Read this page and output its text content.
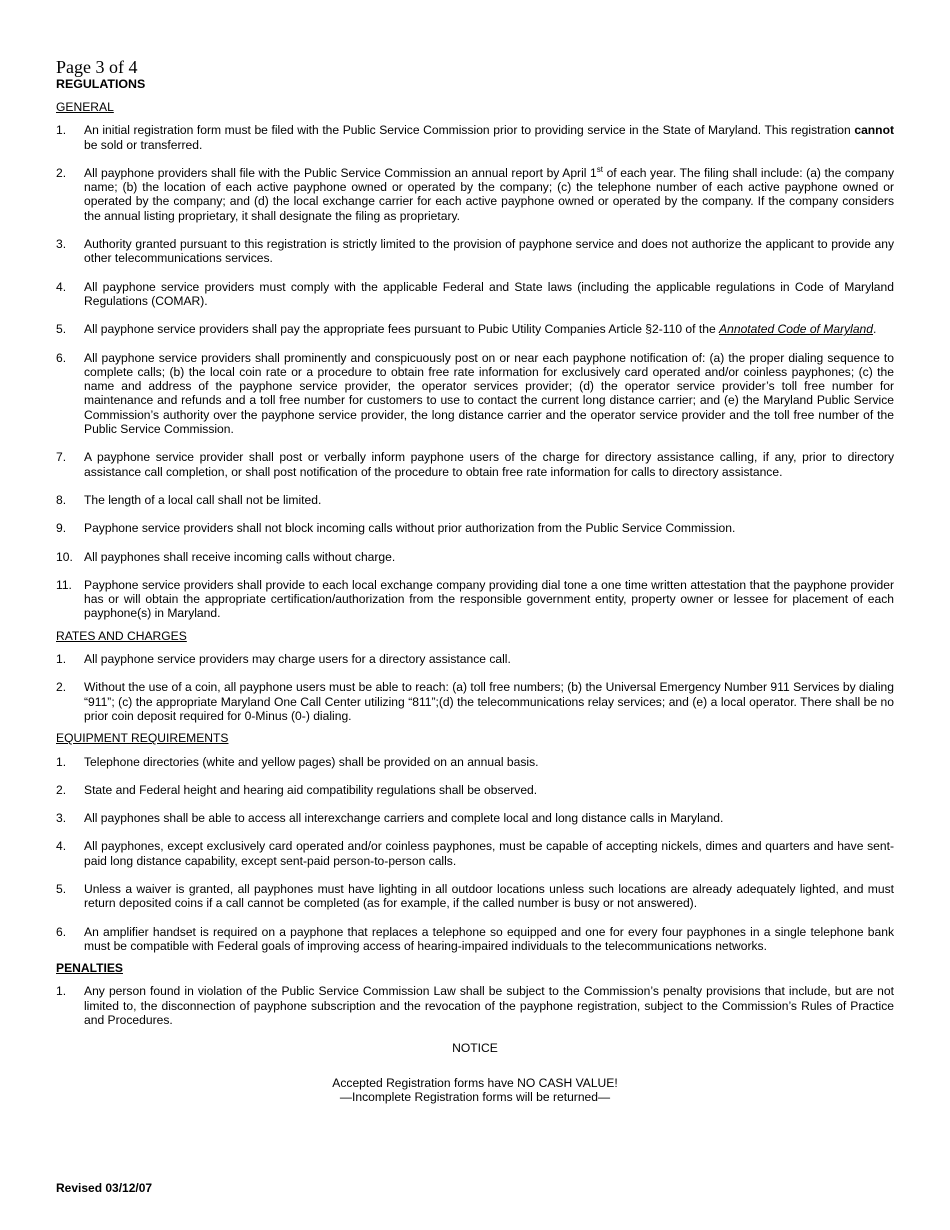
Page 3 of 4
REGULATIONS
GENERAL
1. An initial registration form must be filed with the Public Service Commission prior to providing service in the State of Maryland. This registration cannot be sold or transferred.
2. All payphone providers shall file with the Public Service Commission an annual report by April 1st of each year. The filing shall include: (a) the company name; (b) the location of each active payphone owned or operated by the company; (c) the telephone number of each active payphone owned or operated by the company; and (d) the local exchange carrier for each active payphone owned or operated by the company. If the company considers the annual listing proprietary, it shall designate the filing as proprietary.
3. Authority granted pursuant to this registration is strictly limited to the provision of payphone service and does not authorize the applicant to provide any other telecommunications services.
4. All payphone service providers must comply with the applicable Federal and State laws (including the applicable regulations in Code of Maryland Regulations (COMAR).
5. All payphone service providers shall pay the appropriate fees pursuant to Pubic Utility Companies Article §2-110 of the Annotated Code of Maryland.
6. All payphone service providers shall prominently and conspicuously post on or near each payphone notification of: (a) the proper dialing sequence to complete calls; (b) the local coin rate or a procedure to obtain free rate information for exclusively card operated and/or coinless payphones; (c) the name and address of the payphone service provider, the operator services provider; (d) the operator service provider’s toll free number for maintenance and refunds and a toll free number for customers to use to contact the current long distance carrier; and (e) the Maryland Public Service Commission’s authority over the payphone service provider, the long distance carrier and the operator service provider and the toll free number of the Public Service Commission.
7. A payphone service provider shall post or verbally inform payphone users of the charge for directory assistance calling, if any, prior to directory assistance call completion, or shall post notification of the procedure to obtain free rate information for calls to directory assistance.
8. The length of a local call shall not be limited.
9. Payphone service providers shall not block incoming calls without prior authorization from the Public Service Commission.
10. All payphones shall receive incoming calls without charge.
11. Payphone service providers shall provide to each local exchange company providing dial tone a one time written attestation that the payphone provider has or will obtain the appropriate certification/authorization from the responsible government entity, property owner or lessee for placement of each payphone(s) in Maryland.
RATES AND CHARGES
1. All payphone service providers may charge users for a directory assistance call.
2. Without the use of a coin, all payphone users must be able to reach: (a) toll free numbers; (b) the Universal Emergency Number 911 Services by dialing “911”; (c) the appropriate Maryland One Call Center utilizing “811”;(d) the telecommunications relay services; and (e) a local operator. There shall be no prior coin deposit required for 0-Minus (0-) dialing.
EQUIPMENT REQUIREMENTS
1. Telephone directories (white and yellow pages) shall be provided on an annual basis.
2. State and Federal height and hearing aid compatibility regulations shall be observed.
3. All payphones shall be able to access all interexchange carriers and complete local and long distance calls in Maryland.
4. All payphones, except exclusively card operated and/or coinless payphones, must be capable of accepting nickels, dimes and quarters and have sent-paid long distance capability, except sent-paid person-to-person calls.
5. Unless a waiver is granted, all payphones must have lighting in all outdoor locations unless such locations are already adequately lighted, and must return deposited coins if a call cannot be completed (as for example, if the called number is busy or not answered).
6. An amplifier handset is required on a payphone that replaces a telephone so equipped and one for every four payphones in a single telephone bank must be compatible with Federal goals of improving access of hearing-impaired individuals to the telecommunications networks.
PENALTIES
1. Any person found in violation of the Public Service Commission Law shall be subject to the Commission’s penalty provisions that include, but are not limited to, the disconnection of payphone subscription and the revocation of the payphone registration, subject to the Commission’s Rules of Practice and Procedures.
NOTICE
Accepted Registration forms have NO CASH VALUE!
—Incomplete Registration forms will be returned—
Revised 03/12/07
